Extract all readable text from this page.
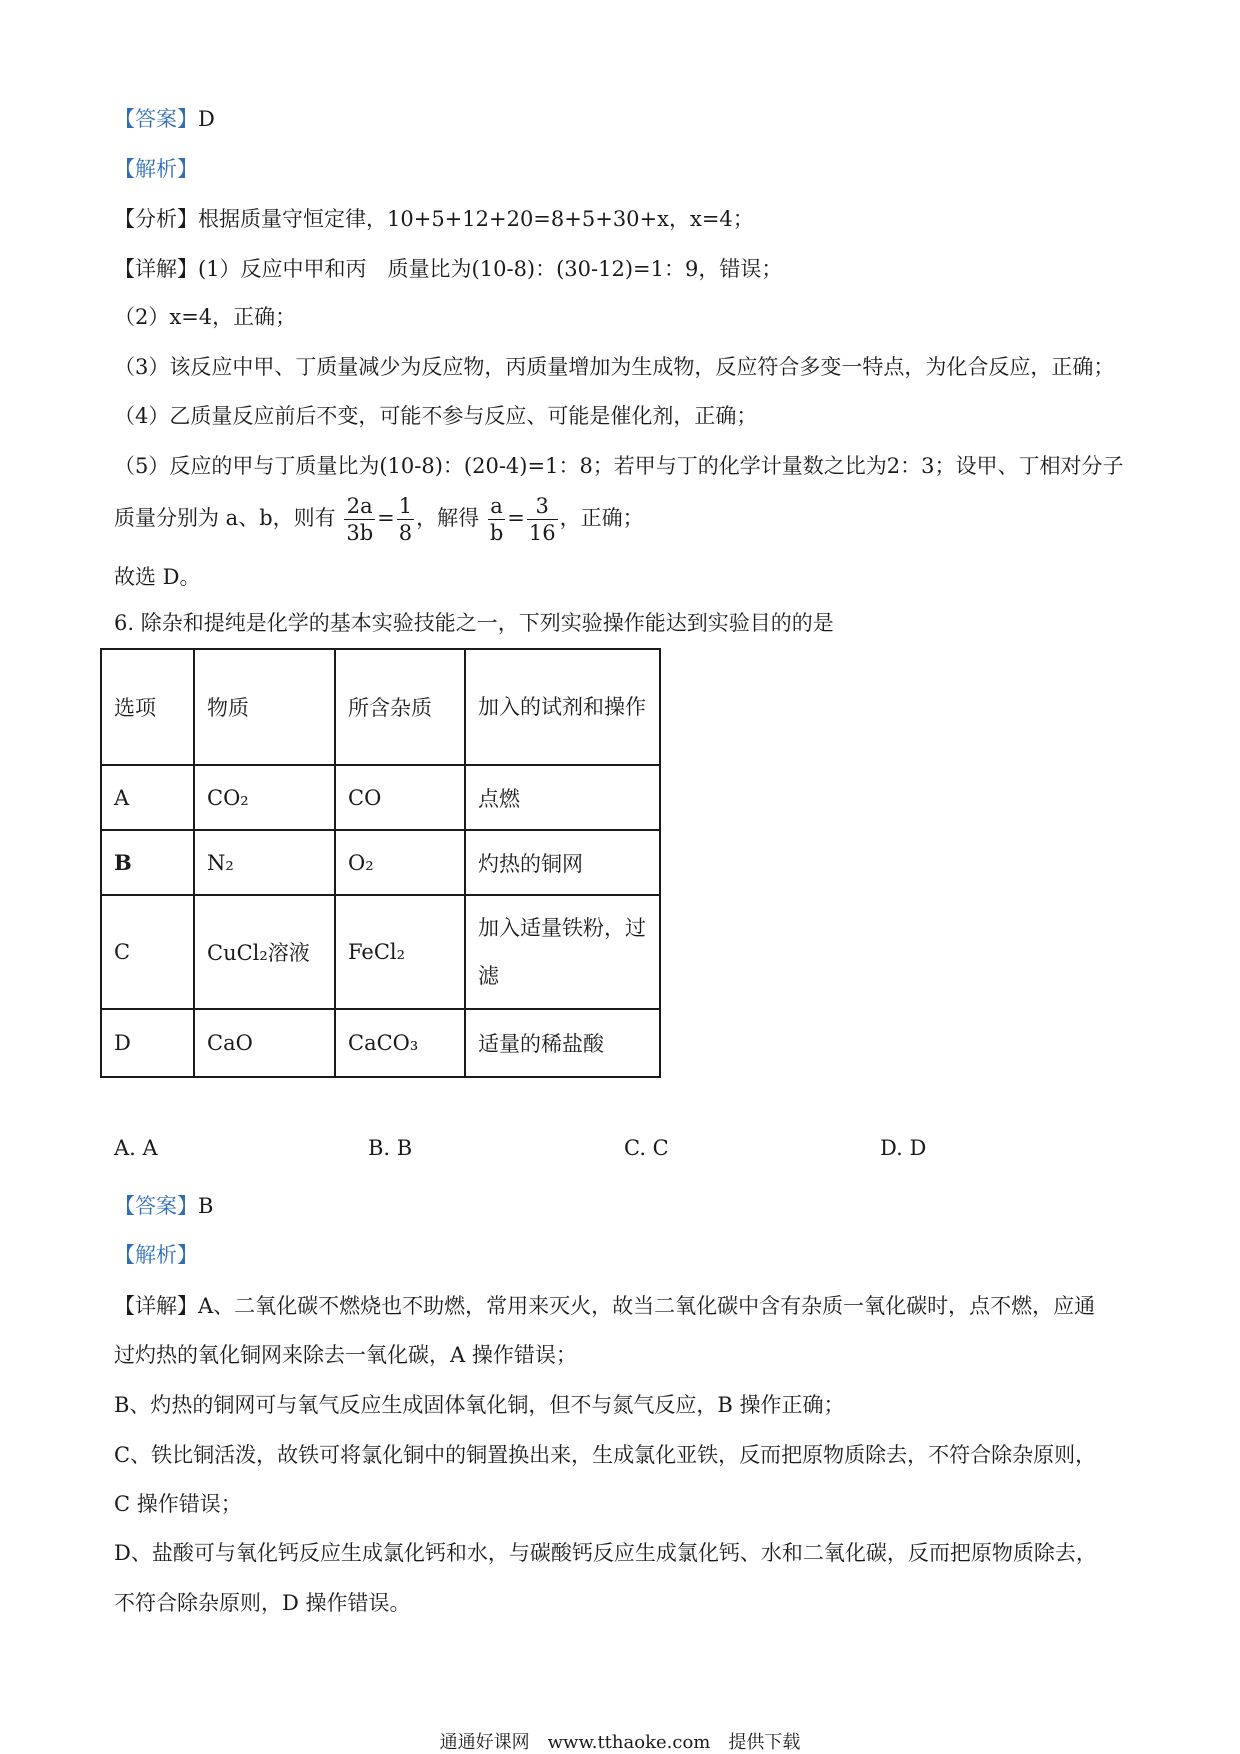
【答案】D
【解析】
【分析】根据质量守恒定律，10+5+12+20=8+5+30+x，x=4；
【详解】(1）反应中甲和丙　质量比为(10-8)：(30-12)=1：9，错误；
（2）x=4，正确；
（3）该反应中甲、丁质量减少为反应物，丙质量增加为生成物，反应符合多变一特点，为化合反应，正确；
（4）乙质量反应前后不变，可能不参与反应、可能是催化剂，正确；
（5）反应的甲与丁质量比为(10-8)：(20-4)=1：8；若甲与丁的化学计量数之比为2：3；设甲、丁相对分子
质量分别为 a、b，则有 $\frac{2a}{3b} = \frac{1}{8}$ ，解得 $\frac{a}{b} = \frac{3}{16}$ ，正确；
故选 D。
6. 除杂和提纯是化学的基本实验技能之一，下列实验操作能达到实验目的的是
选项	物质	所含杂质	加入的试剂和操作
A	CO₂	CO	点燃
B	N₂	O₂	灼热的铜网
C	CuCl₂溶液	FeCl₂	加入适量铁粉，过滤
D	CaO	CaCO₃	适量的稀盐酸
A. A	B. B	C. C	D. D
【答案】B
【解析】
【详解】A、二氧化碳不燃烧也不助燃，常用来灭火，故当二氧化碳中含有杂质一氧化碳时，点不燃，应通
过灼热的氧化铜网来除去一氧化碳，A 操作错误；
B、灼热的铜网可与氧气反应生成固体氧化铜，但不与氮气反应，B 操作正确；
C、铁比铜活泼，故铁可将氯化铜中的铜置换出来，生成氯化亚铁，反而把原物质除去，不符合除杂原则，
C 操作错误；
D、盐酸可与氧化钙反应生成氯化钙和水，与碳酸钙反应生成氯化钙、水和二氧化碳，反而把原物质除去，
不符合除杂原则，D 操作错误。
通通好课网　www.tthaoke.com　提供下载
